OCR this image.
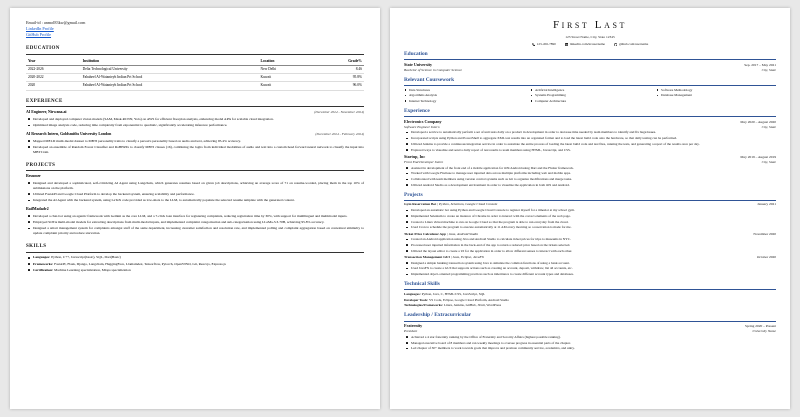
Email-id : anmol83kw@gmail.com
LinkedIn Profile
GitHub Profile
EDUCATION
Year	Institution	Location	Grade%
2022-2026	Delta Technological University	New Delhi	8.46
2020-2022	Fahaheel Al-Watanieyh Indian Prt School	Kuwait	95.8%
2020	Fahaheel Al-Watanieyh Indian Prt School	Kuwait	96.0%
EXPERIENCE
AI Engineer, Nirwana.ai	(December 2024 - November 2024)
Developed and deployed computer vision models (SAM, Mask-RCNN, Yolo) on AWS for efficient floorplan analysis, enhancing model APIs for scalable cloud integration.
Optimized image analysis code, reducing time complexity from exponential to quadratic, significantly accelerating inference performance.
AI Research Intern, Goldsmiths University London	(December 2024 - February 2024)
Mapped MELD multi-modal dataset to MBTI personality traits to classify a person's personality based on audio and text, achieving 95.4% accuracy.
Developed an ensemble of Random Forest Classifier and RoBERTa to classify MBTI classes (16), combining the logits from individual modalities of audio and text into a custom head forward neural network to classify the input into MBTI trait.
PROJECTS
Resumer
Designed and developed a sophisticated, self-criticizing AI Agent using Langchain, which generates resumes based on given job descriptions, achieving an average score of 71 on resume-worded, placing them in the top 10% of submissions on the platform.
Utilized FastAPI and Google Cloud Platform to develop the backend system, ensuring scalability and performance.
Integrated the AI Agent with the backend system, using LaTeX code provided as low-shots to the LLM, to automatically populate the selected resume template with the generated content.
RailMadadv2
Developed a chat-bot using an agentic framework with Gemini as the core LLM, and a 7-click loan interface for registering complaints, reducing registration time by 30%, with support for multilingual and multimodal inputs.
Employed SOTA multi-modal models for extracting descriptions from multi-modal inputs, and implemented complaint categorisation and sub-categorisation using LLaMa-3.3-70B, achieving 95.8% accuracy.
Designed a smart management system for complaints amongst staff of the same department, increasing customer satisfaction and resolution rate, and implemented polling and complaint aggregation based on contextual similarity to update complaint priority and reduce starvation.
SKILLS
Languages: Python, C++, Javascript(basic), SQL, Dart(Basic)
Frameworks: FastAPI, Flask, Django, Langchain, HuggingFace, Llamaindex, Tensorflow, Pytorch, OpenVINO, Git, React.js, Express.js
Certification: Machine Learning specialization, Mlops specialization
First Last
123 Street Name, City, State 12345
123-456-7890	linkedin.com/in/username	github.com/username
Education
State University	Sep. 2017 – May 2021
Bachelor of Science in Computer Science	City, State
Relevant Coursework
Data Structures	Artificial Intelligence	Software Methodology
Algorithms Analysis	Systems Programming	Database Management
Internet Technology	Computer Architecture
Experience
Electronics Company	May 2020 – August 2020
Software Engineer Intern	City, State
Developed a service to automatically perform a set of unit tests daily on a product in development in order to decrease time needed by team members to identify and fix bugs/issues.
Incorporated scripts using Python and PowerShell to aggregate XML test results into an organized format and to load the latest build code onto the hardware, so that daily testing can be performed.
Utilized Jenkins to provide a continuous integration service in order to automate the entire process of loading the latest build code and test files, running the tests, and generating a report of the results once per day.
Explored ways to visualize and send a daily report of test results to team members using HTML, Javascript, and CSS.
Startup, Inc	May 2019 – August 2019
Front End Developer Intern	City, State
Assisted in development of the front end of a mobile application for iOS/Android using Dart and the Flutter framework.
Worked with Google Firebase to manage user inputted data across multiple platforms including web and mobile apps.
Collaborated with team members using version control systems such as Git to organize modifications and merge tasks.
Utilized Android Studio as a development environment in order to visualize the application in both iOS and Android.
Projects
Gym Reservation Bot | Python, Selenium, Google Cloud Console	January 2021
Developed an automatic bot using Python and Google Cloud Console to register myself for a timeslot at my school gym.
Implemented Selenium to create an instance of Chrome in order to interact with the correct elements of the web page.
Created a Linux virtual machine to run on Google Cloud so that the program is able to run everyday from the cloud.
Used Cron to schedule the program to execute automatically at 11 AM every morning so a reservation is made for me.
Ticket Price Calculator App | Java, Android Studio	November 2020
Created an Android application using Java and Android Studio to calculate ticket prices for trips to museums in NYC.
Processed user inputted information in the back-end of the app to return a reduced price based on the tickets selected.
Utilized the layout editor to create a UI for the application in order to allow different senses to interact with each other.
Transaction Management GUI | Java, Eclipse, JavaFX	October 2020
Designed a simple banking transaction system using Java to simulate the common functions of using a bank account.
Used JavaFX to create a GUI that supports actions such as creating an account, deposit, withdraw, list all accounts, etc.
Implemented object-oriented programming practices such as inheritance to create different account types and databases.
Technical Skills
Languages: Python, Java, C, HTML/CSS, JavaScript, SQL
Developer Tools: VS Code, Eclipse, Google Cloud Platform, Android Studio
Technologies/Frameworks: Linux, Jenkins, GitHub, JUnit, WordPress
Leadership / Extracurricular
Fraternity	Spring 2020 – Present
President	University Name
Achieved a 4 star fraternity ranking by the Office of Fraternity and Sorority Affairs (highest possible ranking).
Managed executive board of 8 members and ran weekly meetings to oversee progress in essential parts of the chapter.
Led chapter of 30+ members to work towards goals that improve and promote community service, academics, and unity.
